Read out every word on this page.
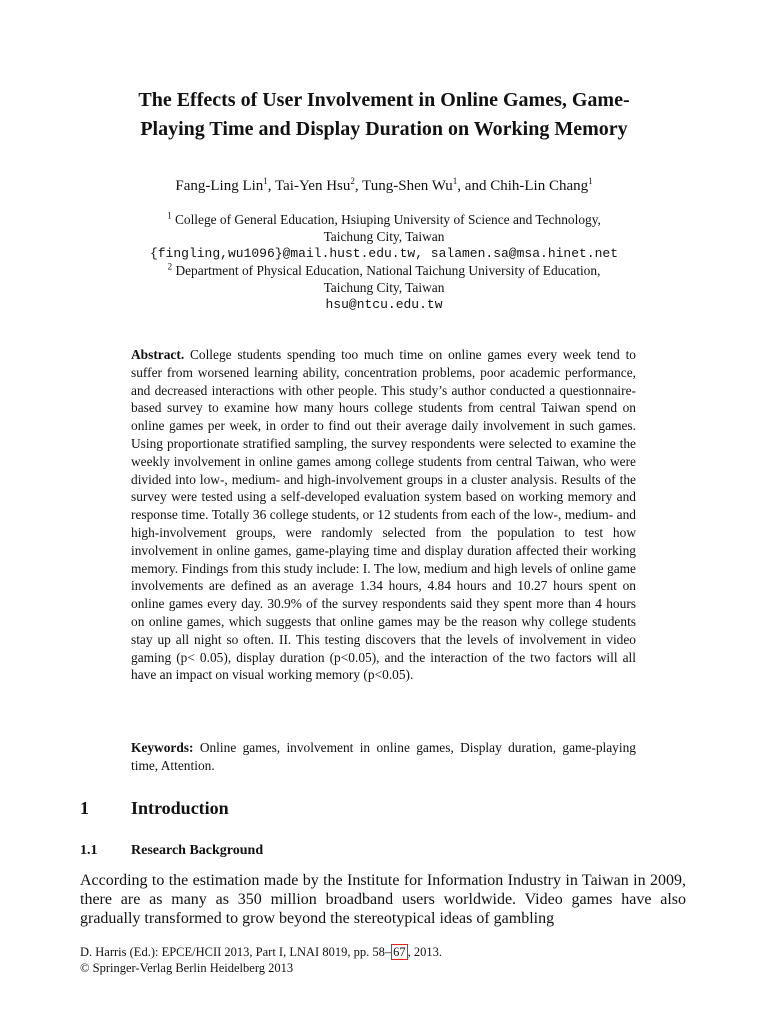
The Effects of User Involvement in Online Games, Game-
Playing Time and Display Duration on Working Memory
Fang-Ling Lin$^1$, Tai-Yen Hsu$^2$, Tung-Shen Wu$^1$, and Chih-Lin Chang$^1$
$^1$ College of General Education, Hsiuping University of Science and Technology,
Taichung City, Taiwan
{fingling,wu1096}@mail.hust.edu.tw, salamen.sa@msa.hinet.net
$^2$ Department of Physical Education, National Taichung University of Education,
Taichung City, Taiwan
hsu@ntcu.edu.tw
Abstract. College students spending too much time on online games every week tend to suffer from worsened learning ability, concentration problems, poor academic performance, and decreased interactions with other people. This study’s author conducted a questionnaire-based survey to examine how many hours college students from central Taiwan spend on online games per week, in order to find out their average daily involvement in such games. Using proportionate stratified sampling, the survey respondents were selected to examine the weekly involvement in online games among college students from central Taiwan, who were divided into low-, medium- and high-involvement groups in a cluster analysis. Results of the survey were tested using a self-developed evaluation system based on working memory and response time. Totally 36 college students, or 12 students from each of the low-, medium- and high-involvement groups, were randomly selected from the population to test how involvement in online games, game-playing time and display duration affected their working memory. Findings from this study include: I. The low, medium and high levels of online game involvements are defined as an average 1.34 hours, 4.84 hours and 10.27 hours spent on online games every day. 30.9% of the survey respondents said they spent more than 4 hours on online games, which suggests that online games may be the reason why college students stay up all night so often. II. This testing discovers that the levels of involvement in video gaming (p< 0.05), display duration (p<0.05), and the interaction of the two factors will all have an impact on visual working memory (p<0.05).
Keywords: Online games, involvement in online games, Display duration, game-playing time, Attention.
1 Introduction
1.1 Research Background
According to the estimation made by the Institute for Information Industry in Taiwan in 2009, there are as many as 350 million broadband users worldwide. Video games have also gradually transformed to grow beyond the stereotypical ideas of gambling
D. Harris (Ed.): EPCE/HCII 2013, Part I, LNAI 8019, pp. 58– 67 , 2013.
© Springer-Verlag Berlin Heidelberg 2013
